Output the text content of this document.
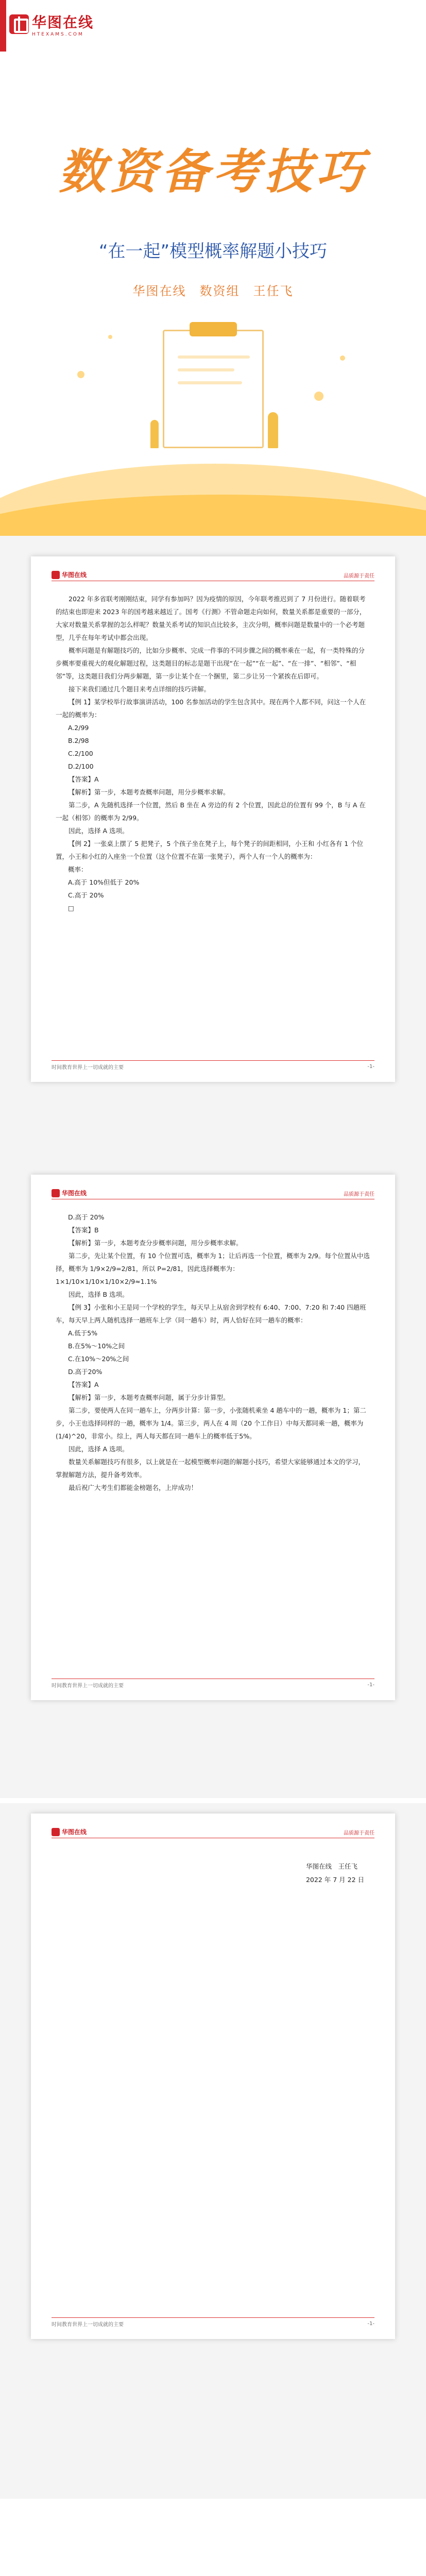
华图在线
HTEXAMS.COM
数资备考技巧
“在一起”模型概率解题小技巧
华图在线　数资组　王任飞
华图在线	品质源于责任

2022 年多省联考刚刚结束，同学有参加吗？因为疫情的原因，今年联考推迟到了 7 月份进行。随着联考的结束也即迎来 2023 年的国考越来越近了。国考《行测》不管命题走向如何，数量关系都是重要的一部分，大家对数量关系掌握的怎么样呢？数量关系考试的知识点比较多，主次分明，概率问题是数量中的一个必考题型，几乎在每年考试中都会出现。

概率问题是有解题技巧的，比如分步概率、完成一件事的不同步骤之间的概率乘在一起，有一类特殊的分步概率要重视大的观化解题过程，这类题目的标志是题干出现“在一起”“在一起”、“在一排”、“相邻”、“相邻”等，这类题目我们分两步解题，第一步让某个在一个捆里，第二步让另一个紧挨在后即可。

接下来我们通过几个题目来考点详细的技巧讲解。

【例 1】某学校举行故事演讲活动，100 名参加活动的学生包含其中。现在两个人都不同，问这一个人在一起的概率为：

A.2/99

B.2/98

C.2/100

D.2/100

【答案】A

【解析】第一步，本题考查概率问题，用分步概率求解。

第二步，A 先随机选择一个位置，然后 B 坐在 A 旁边的有 2 个位置，因此总的位置有 99 个，B 与 A 在一起（相邻）的概率为 2/99。

因此，选择 A 选项。

【例 2】一张桌上摆了 5 把凳子，5 个孩子坐在凳子上，每个凳子的间距相同，小王和 小红各有 1 个位置，小王和小红的入座坐一个位置（这个位置不在第一张凳子），两个人有一个人的概率为：

概率：

A.高于 10%但低于 20%

C.高于 20%

□

时间教育世界上一切成就的主要	-1-
华图在线	品质源于责任

D.高于 20%

【答案】B

【解析】第一步，本题考查分步概率问题，用分步概率求解。

第二步，先让某个位置，有 10 个位置可选，概率为 1；让后再选一个位置，概率为 2/9。每个位置从中选择，概率为 1/9×2/9=2/81，所以 P=2/81，因此选择概率为：

1×1/10×1/10×1/10×2/9≈1.1%

因此，选择 B 选项。

【例 3】小张和小王是同一个学校的学生，每天早上从宿舍到学校有 6:40、7:00、7:20 和 7:40 四趟班车，每天早上两人随机选择一趟班车上学（同一趟车）时，两人恰好在同一趟车的概率：

A.低于5%

B.在5%～10%之间

C.在10%～20%之间

D.高于20%

【答案】A

【解析】第一步，本题考查概率问题，属于分步计算型。

第二步，要使两人在同一趟车上，分两步计算：第一步，小张随机乘坐 4 趟车中的一趟，概率为 1；第二步，小王也选择同样的一趟，概率为 1/4。第三步，两人在 4 周（20 个工作日）中每天都同乘一趟，概率为 (1/4)^20，非常小。综上，两人每天都在同一趟车上的概率低于5%。

因此，选择 A 选项。

数量关系解题技巧有很多，以上就是在一起模型概率问题的解题小技巧，希望大家能够通过本文的学习，掌握解题方法，提升备考效率。

最后祝广大考生们都能金榜题名，上岸成功！

时间教育世界上一切成就的主要	-1-
华图在线	品质源于责任
华图在线　王任飞
2022 年 7 月 22 日
时间教育世界上一切成就的主要	-1-
